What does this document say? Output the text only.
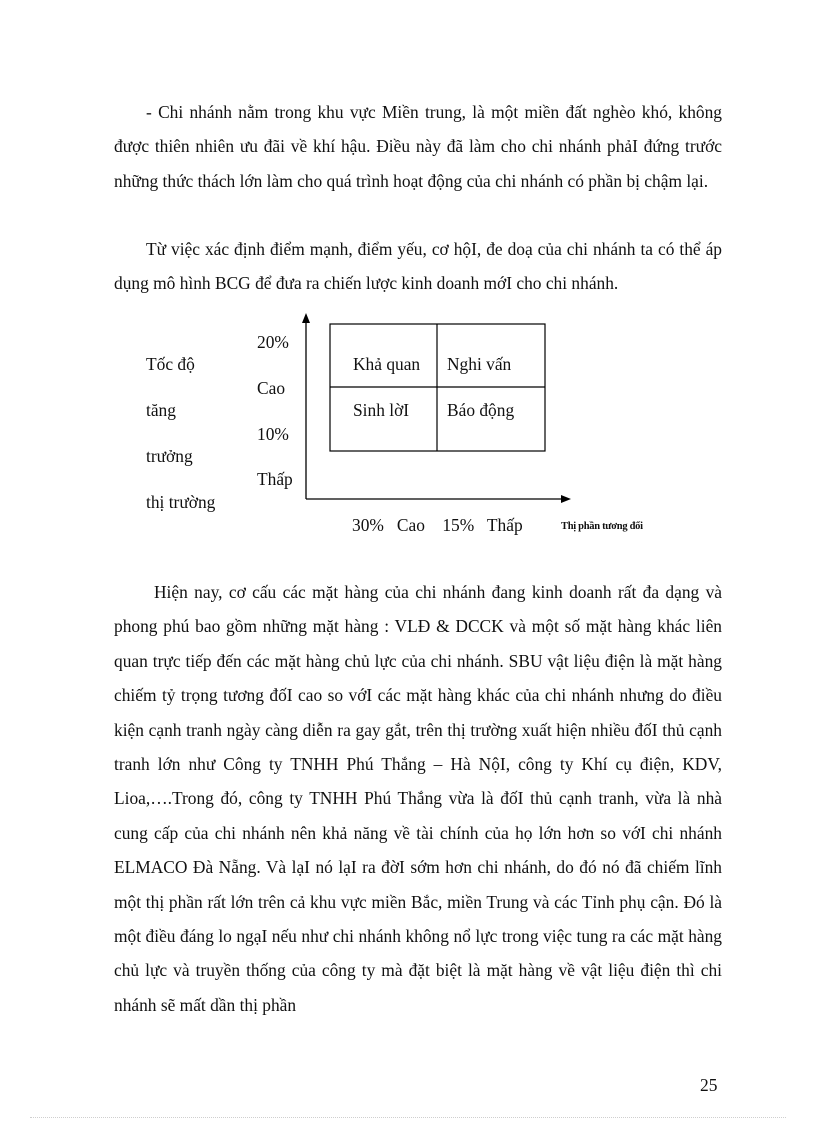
- Chi nhánh nằm trong khu vực Miền trung, là một miền đất nghèo khó, không được thiên nhiên ưu đãi về khí hậu. Điều này đã làm cho chi nhánh phảI đứng trước những thức thách lớn làm cho quá trình hoạt động của chi nhánh có phần bị chậm lại.

Từ việc xác định điểm mạnh, điểm yếu, cơ hộI, đe doạ của chi nhánh ta có thể áp dụng mô hình BCG để đưa ra chiến lược kinh doanh mớI cho chi nhánh.

Tốc độ
tăng
trưởng
thị trường
20%
Cao
10%
Thấp
Khả quan Nghi vấn
Sinh lờI Báo động
30%   Cao    15%   Thấp	Thị phần tương đối

Hiện nay, cơ cấu các mặt hàng của chi nhánh đang kinh doanh rất đa dạng và phong phú bao gồm những mặt hàng : VLĐ & DCCK và một số mặt hàng khác liên quan trực tiếp đến các mặt hàng chủ lực của chi nhánh. SBU vật liệu điện là mặt hàng chiếm tỷ trọng tương đốI cao so vớI các mặt hàng khác của chi nhánh nhưng do điều kiện cạnh tranh ngày càng diễn ra gay gắt, trên thị trường xuất hiện nhiều đốI thủ cạnh tranh lớn như Công ty TNHH Phú Thắng – Hà NộI, công ty Khí cụ điện, KDV, Lioa,….Trong đó, công ty TNHH Phú Thắng vừa là đốI thủ cạnh tranh, vừa là nhà cung cấp của chi nhánh nên khả năng về tài chính của họ lớn hơn so vớI chi nhánh ELMACO Đà Nẵng. Và lạI nó lạI ra đờI sớm hơn chi nhánh, do đó nó đã chiếm lĩnh một thị phần rất lớn trên cả khu vực miền Bắc, miền Trung và các Tỉnh phụ cận. Đó là một điều đáng lo ngạI nếu như chi nhánh không nổ lực trong việc tung ra các mặt hàng chủ lực và truyền thống của công ty mà đặt biệt là mặt hàng về vật liệu điện thì chi nhánh sẽ mất dần thị phần

25
